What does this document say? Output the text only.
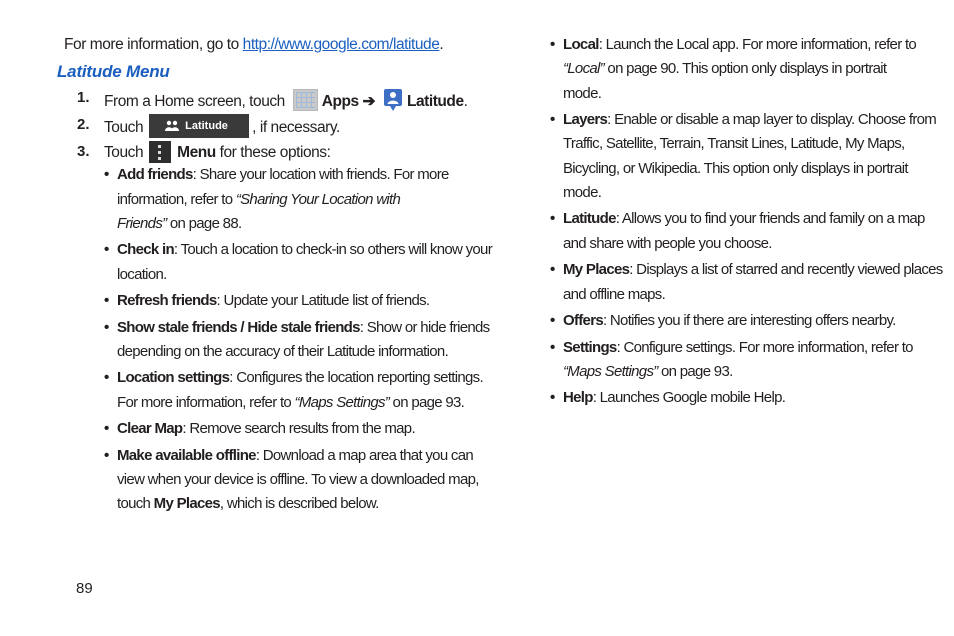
For more information, go to http://www.google.com/latitude.
Latitude Menu
1. From a Home screen, touch Apps ➔ Latitude.
2. Touch	Latitude , if necessary.
3. Touch Menu for these options:
• Add friends: Share your location with friends. For more
information, refer to “Sharing Your Location with
Friends” on page 88.
• Check in: Touch a location to check-in so others will know your
location.
• Refresh friends: Update your Latitude list of friends.
• Show stale friends / Hide stale friends: Show or hide friends
depending on the accuracy of their Latitude information.
• Location settings: Configures the location reporting settings.
For more information, refer to “Maps Settings” on page 93.
• Clear Map: Remove search results from the map.
• Make available offline: Download a map area that you can
view when your device is offline. To view a downloaded map,
touch My Places, which is described below.
• Local: Launch the Local app. For more information, refer to
“Local” on page 90. This option only displays in portrait
mode.
• Layers: Enable or disable a map layer to display. Choose from
Traffic, Satellite, Terrain, Transit Lines, Latitude, My Maps,
Bicycling, or Wikipedia. This option only displays in portrait
mode.
• Latitude: Allows you to find your friends and family on a map
and share with people you choose.
• My Places: Displays a list of starred and recently viewed places
and offline maps.
• Offers: Notifies you if there are interesting offers nearby.
• Settings: Configure settings. For more information, refer to
“Maps Settings” on page 93.
• Help: Launches Google mobile Help.
89
